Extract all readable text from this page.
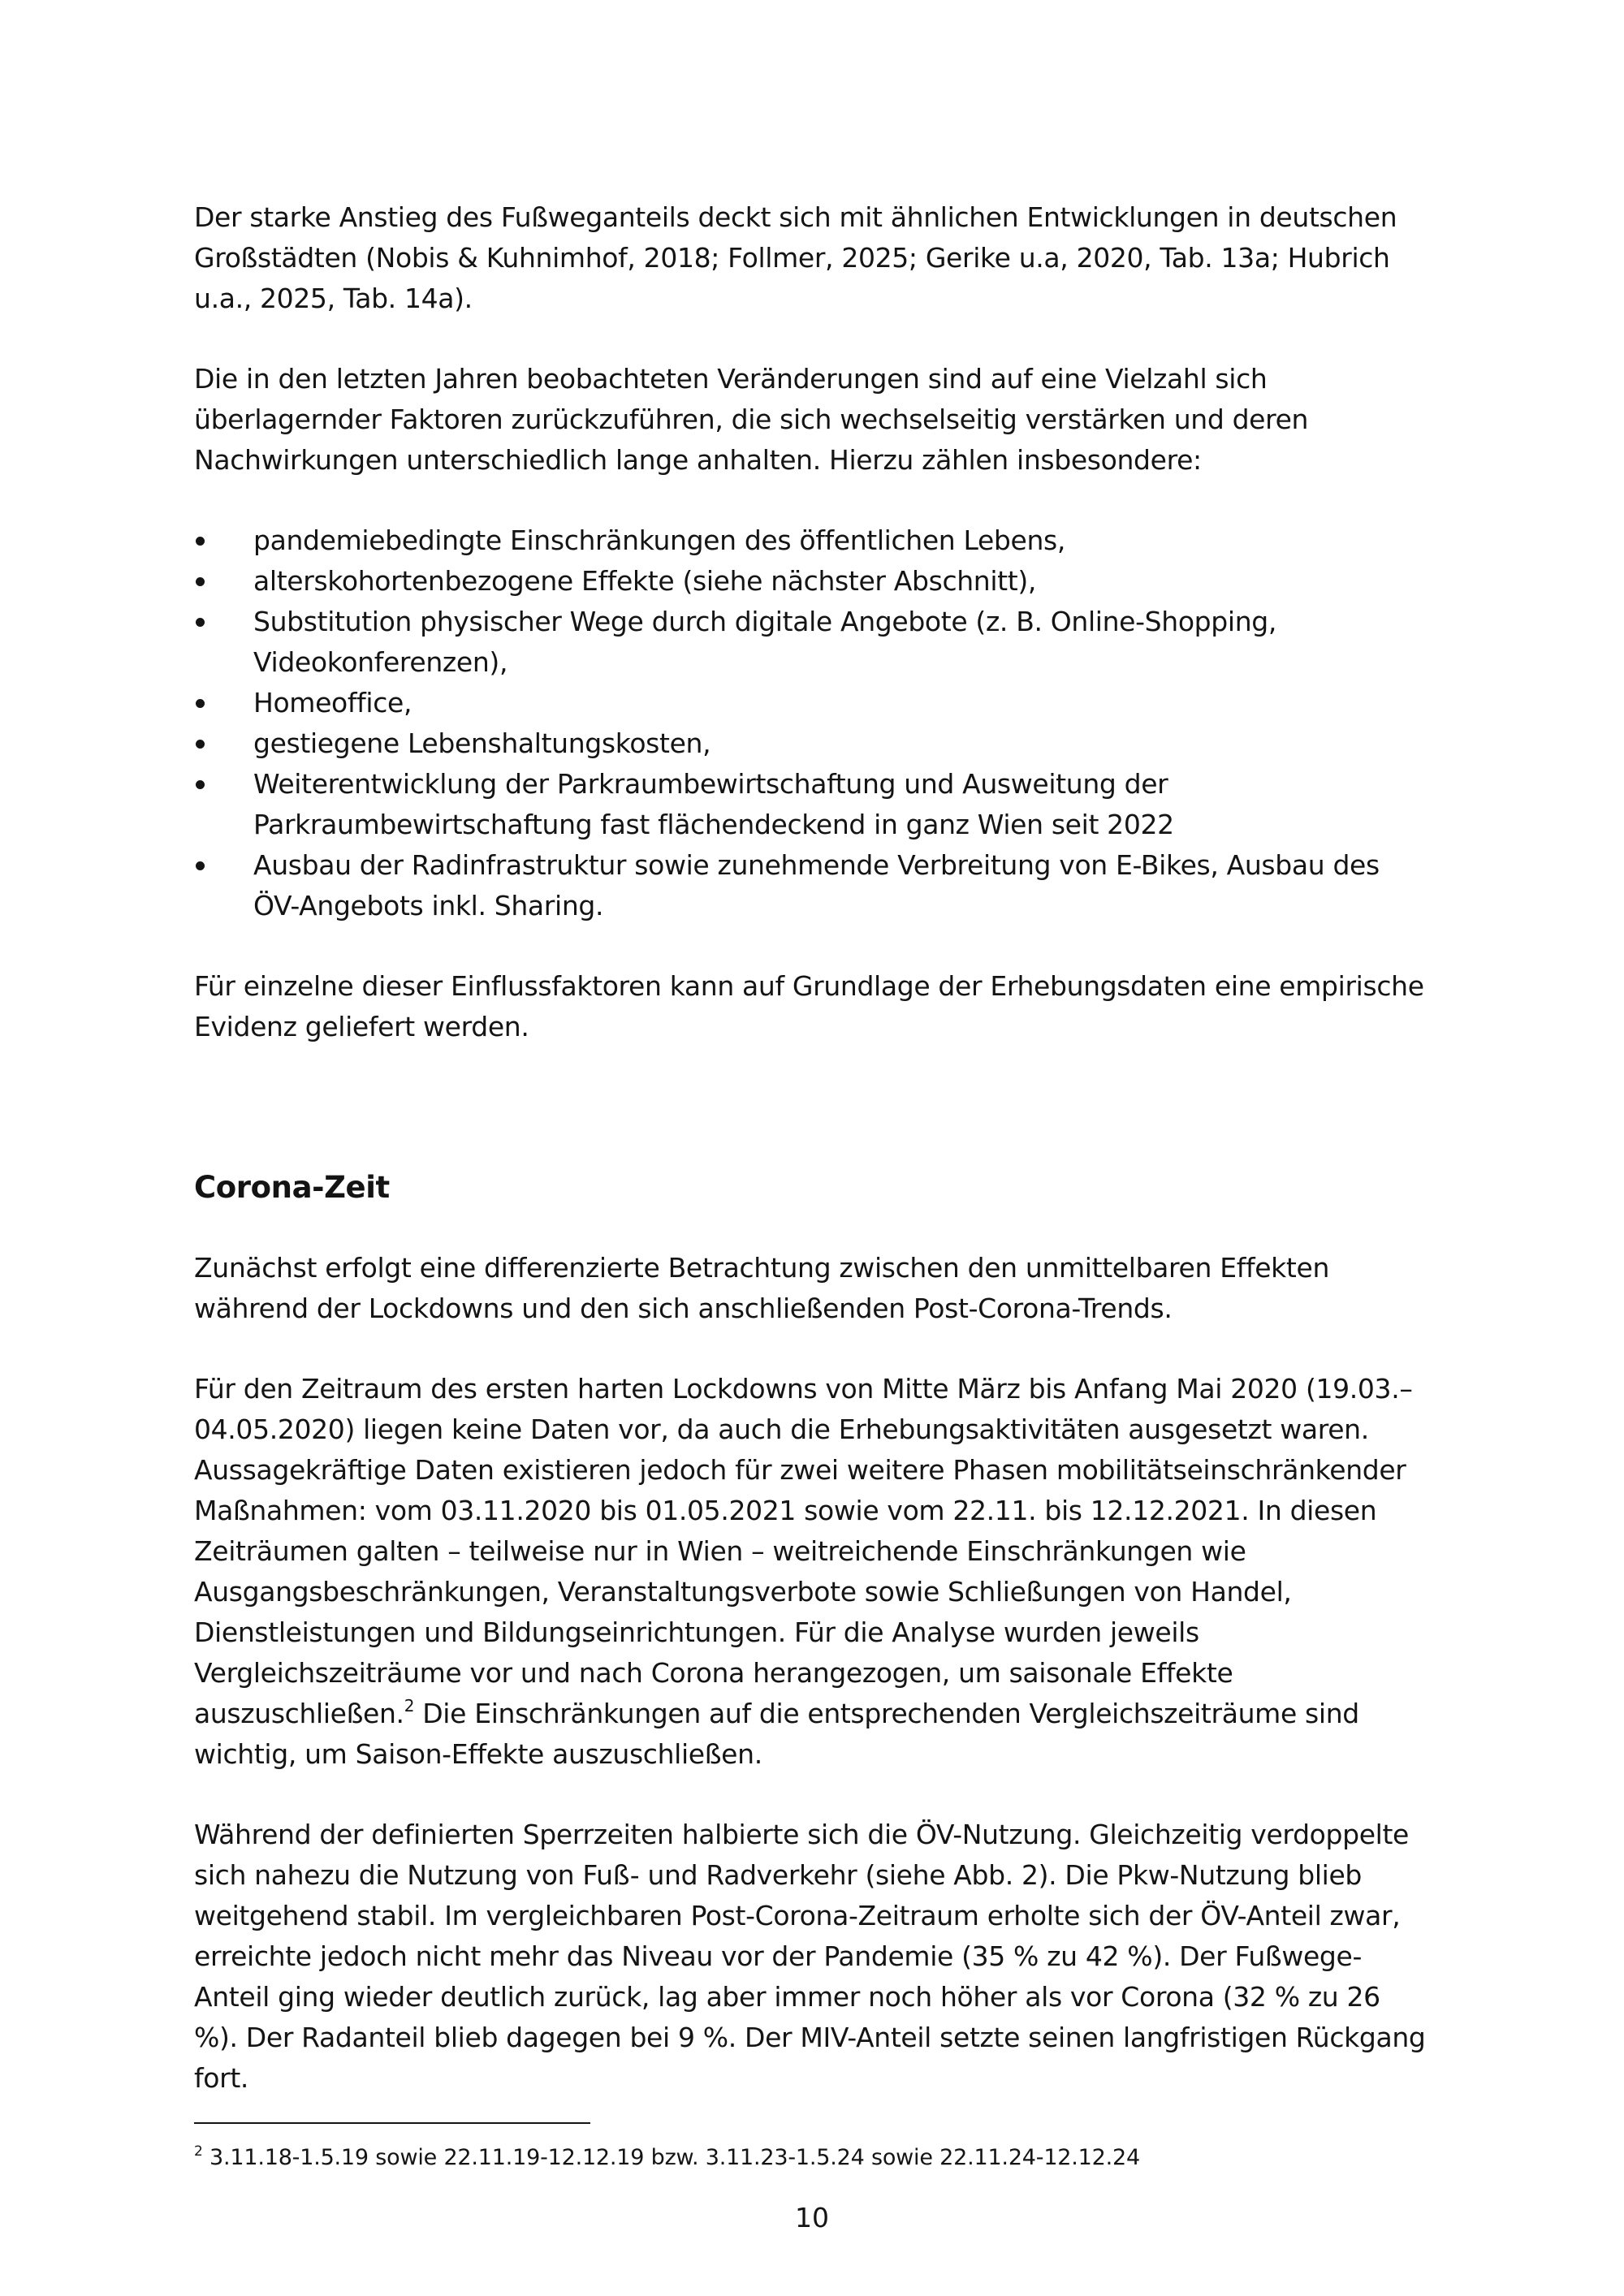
Der starke Anstieg des Fußweganteils deckt sich mit ähnlichen Entwicklungen in deutschen Großstädten (Nobis & Kuhnimhof, 2018; Follmer, 2025; Gerike u.a, 2020, Tab. 13a; Hubrich u.a., 2025, Tab. 14a).

Die in den letzten Jahren beobachteten Veränderungen sind auf eine Vielzahl sich überlagernder Faktoren zurückzuführen, die sich wechselseitig verstärken und deren Nachwirkungen unterschiedlich lange anhalten. Hierzu zählen insbesondere:

pandemiebedingte Einschränkungen des öffentlichen Lebens,
alterskohortenbezogene Effekte (siehe nächster Abschnitt),
Substitution physischer Wege durch digitale Angebote (z. B. Online-Shopping, Videokonferenzen),
Homeoffice,
gestiegene Lebenshaltungskosten,
Weiterentwicklung der Parkraumbewirtschaftung und Ausweitung der Parkraumbewirtschaftung fast flächendeckend in ganz Wien seit 2022
Ausbau der Radinfrastruktur sowie zunehmende Verbreitung von E-Bikes, Ausbau des ÖV-Angebots inkl. Sharing.

Für einzelne dieser Einflussfaktoren kann auf Grundlage der Erhebungsdaten eine empirische Evidenz geliefert werden.

Corona-Zeit

Zunächst erfolgt eine differenzierte Betrachtung zwischen den unmittelbaren Effekten während der Lockdowns und den sich anschließenden Post-Corona-Trends.

Für den Zeitraum des ersten harten Lockdowns von Mitte März bis Anfang Mai 2020 (19.03.–04.05.2020) liegen keine Daten vor, da auch die Erhebungsaktivitäten ausgesetzt waren. Aussagekräftige Daten existieren jedoch für zwei weitere Phasen mobilitätseinschränkender Maßnahmen: vom 03.11.2020 bis 01.05.2021 sowie vom 22.11. bis 12.12.2021. In diesen Zeiträumen galten – teilweise nur in Wien – weitreichende Einschränkungen wie Ausgangsbeschränkungen, Veranstaltungsverbote sowie Schließungen von Handel, Dienstleistungen und Bildungseinrichtungen. Für die Analyse wurden jeweils Vergleichszeiträume vor und nach Corona herangezogen, um saisonale Effekte auszuschließen.$^2$ Die Einschränkungen auf die entsprechenden Vergleichszeiträume sind wichtig, um Saison-Effekte auszuschließen.

Während der definierten Sperrzeiten halbierte sich die ÖV-Nutzung. Gleichzeitig verdoppelte sich nahezu die Nutzung von Fuß- und Radverkehr (siehe Abb. 2). Die Pkw-Nutzung blieb weitgehend stabil. Im vergleichbaren Post-Corona-Zeitraum erholte sich der ÖV-Anteil zwar, erreichte jedoch nicht mehr das Niveau vor der Pandemie (35 % zu 42 %). Der Fußwege-Anteil ging wieder deutlich zurück, lag aber immer noch höher als vor Corona (32 % zu 26 %). Der Radanteil blieb dagegen bei 9 %. Der MIV-Anteil setzte seinen langfristigen Rückgang fort.

$^2$ 3.11.18-1.5.19 sowie 22.11.19-12.12.19 bzw. 3.11.23-1.5.24 sowie 22.11.24-12.12.24
10
